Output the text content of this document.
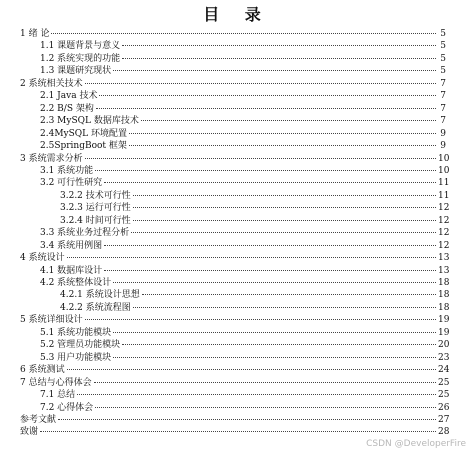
目 录
1 绪 论	5
1.1 课题背景与意义	5
1.2 系统实现的功能	5
1.3 课题研究现状	5
2 系统相关技术	7
2.1 Java 技术	7
2.2 B/S 架构	7
2.3 MySQL 数据库技术	7
2.4MySQL 环境配置	9
2.5SpringBoot 框架	9
3 系统需求分析	10
3.1 系统功能	10
3.2 可行性研究	11
3.2.2 技术可行性	11
3.2.3 运行可行性	12
3.2.4 时间可行性	12
3.3 系统业务过程分析	12
3.4 系统用例图	12
4 系统设计	13
4.1 数据库设计	13
4.2 系统整体设计	18
4.2.1 系统设计思想	18
4.2.2 系统流程图	18
5 系统详细设计	19
5.1 系统功能模块	19
5.2 管理员功能模块	20
5.3 用户功能模块	23
6 系统测试	24
7 总结与心得体会	25
7.1 总结	25
7.2 心得体会	26
参考文献	27
致谢	28
CSDN @DeveloperFire
